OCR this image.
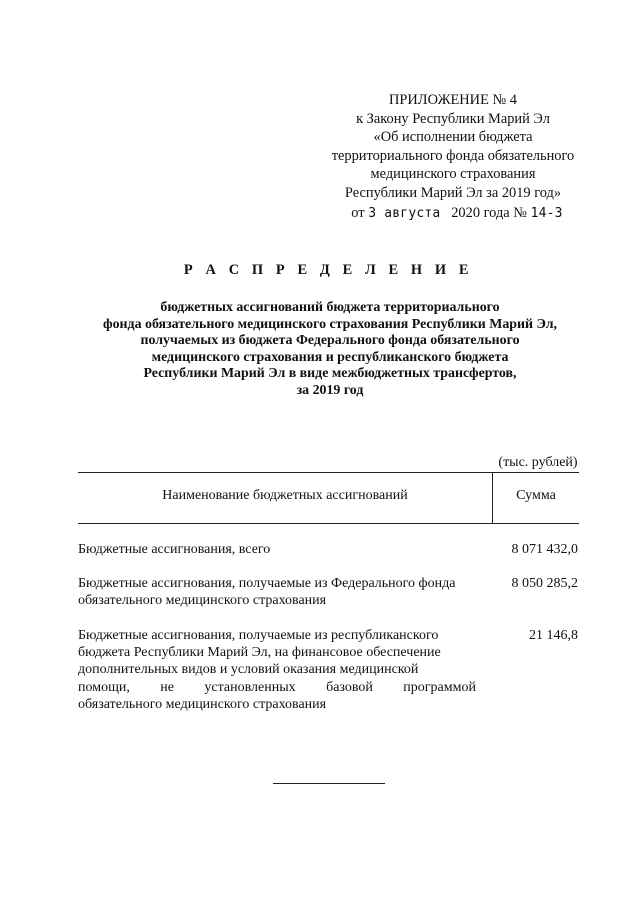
ПРИЛОЖЕНИЕ № 4
к Закону Республики Марий Эл
«Об исполнении бюджета
территориального фонда обязательного
медицинского страхования
Республики Марий Эл за 2019 год»
от 3 августа 2020 года № 14-З
Р А С П Р Е Д Е Л Е Н И Е
бюджетных ассигнований бюджета территориального
фонда обязательного медицинского страхования Республики Марий Эл,
получаемых из бюджета Федерального фонда обязательного
медицинского страхования и республиканского бюджета
Республики Марий Эл в виде межбюджетных трансфертов,
за 2019 год
(тыс. рублей)
Наименование бюджетных ассигнований	Сумма
Бюджетные ассигнования, всего	8 071 432,0
Бюджетные ассигнования, получаемые из Федерального фонда
обязательного медицинского страхования
8 050 285,2
Бюджетные ассигнования, получаемые из республиканского
бюджета Республики Марий Эл, на финансовое обеспечение
дополнительных видов и условий оказания медицинской
помощи, не установленных базовой программой
обязательного медицинского страхования
21 146,8
